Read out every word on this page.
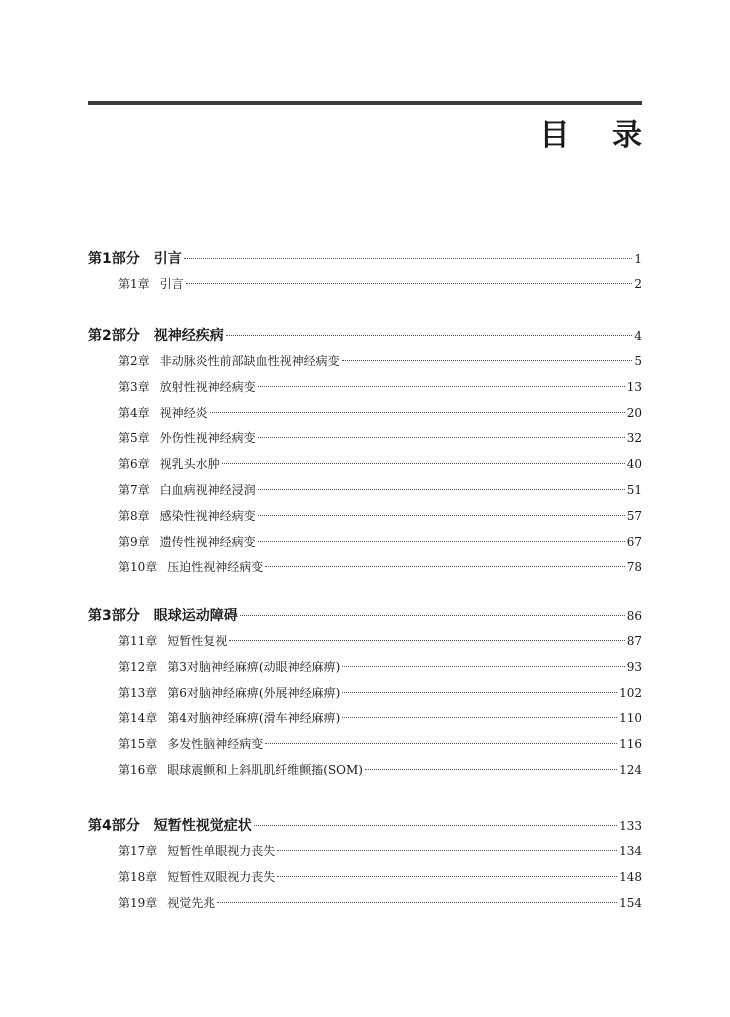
目 录
第1部分 引言	1
第1章 引言	2
第2部分 视神经疾病	4
第2章 非动脉炎性前部缺血性视神经病变	5
第3章 放射性视神经病变	13
第4章 视神经炎	20
第5章 外伤性视神经病变	32
第6章 视乳头水肿	40
第7章 白血病视神经浸润	51
第8章 感染性视神经病变	57
第9章 遗传性视神经病变	67
第10章 压迫性视神经病变	78
第3部分 眼球运动障碍	86
第11章 短暂性复视	87
第12章 第3对脑神经麻痹(动眼神经麻痹)	93
第13章 第6对脑神经麻痹(外展神经麻痹)	102
第14章 第4对脑神经麻痹(滑车神经麻痹)	110
第15章 多发性脑神经病变	116
第16章 眼球震颤和上斜肌肌纤维颤搐(SOM)	124
第4部分 短暂性视觉症状	133
第17章 短暂性单眼视力丧失	134
第18章 短暂性双眼视力丧失	148
第19章 视觉先兆	154
